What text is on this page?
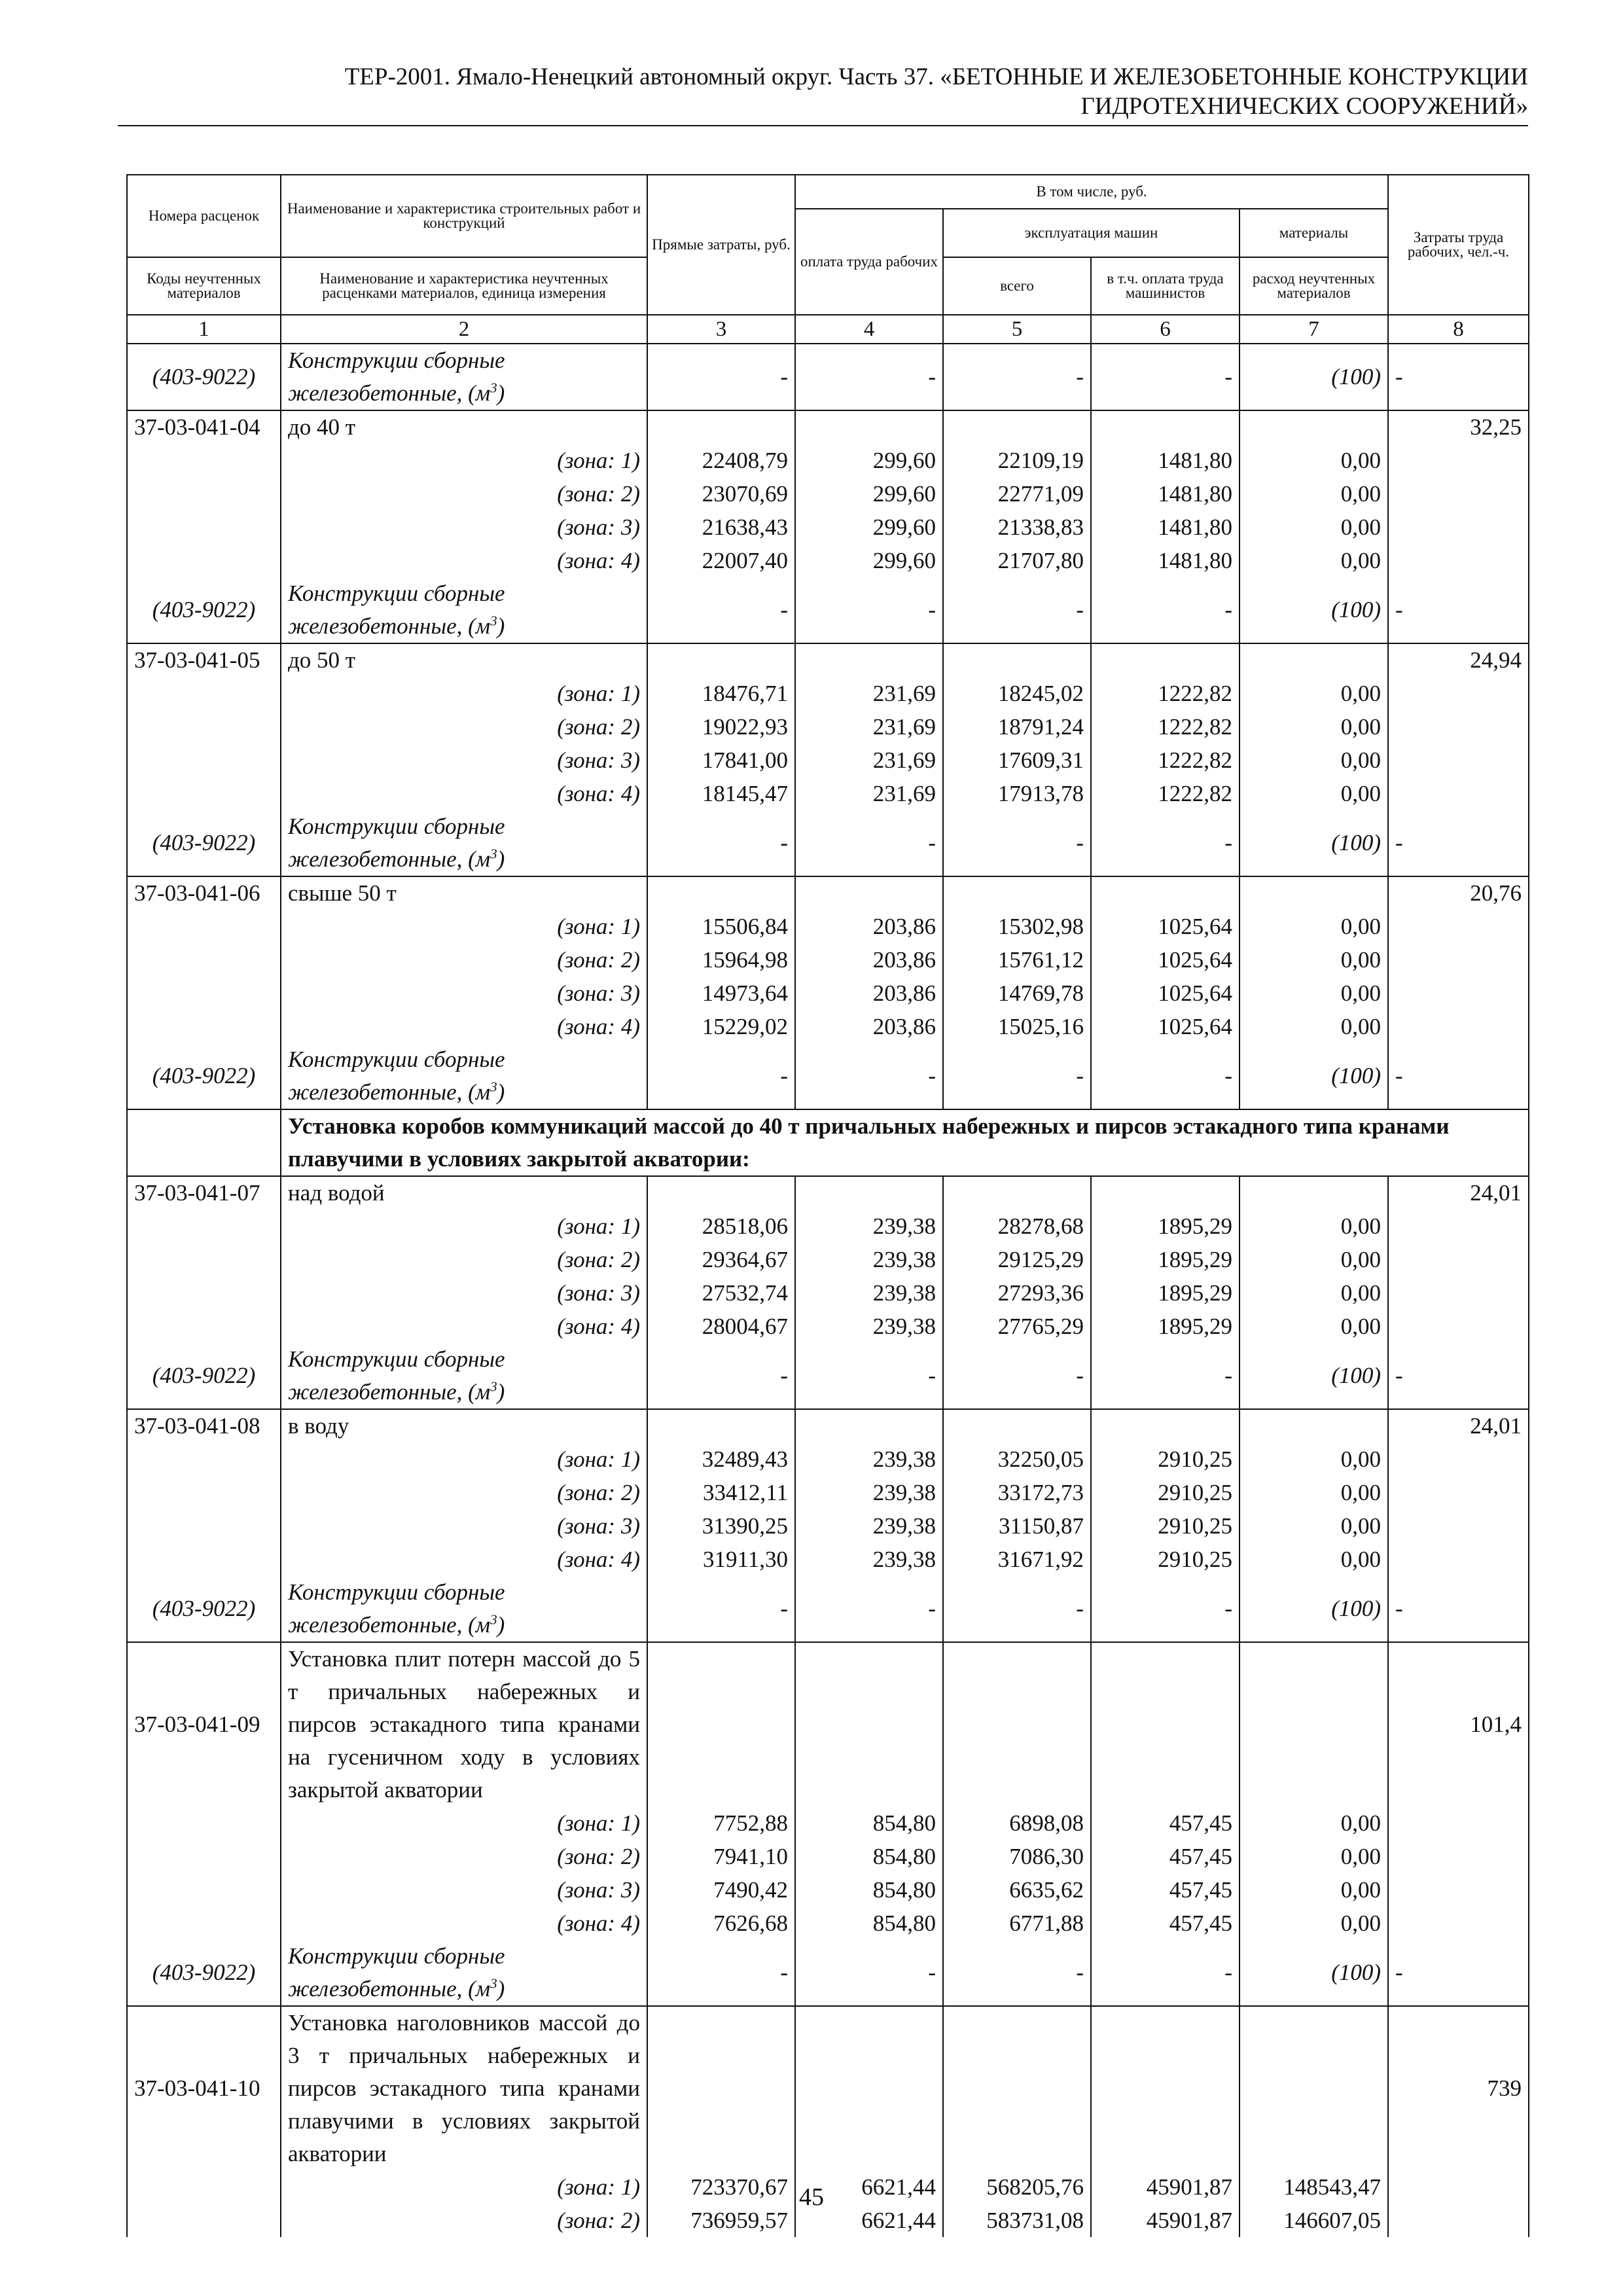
ТЕР-2001. Ямало-Ненецкий автономный округ. Часть 37. «БЕТОННЫЕ И ЖЕЛЕЗОБЕТОННЫЕ КОНСТРУКЦИИ
ГИДРОТЕХНИЧЕСКИХ СООРУЖЕНИЙ»
Номера расценок	Наименование и характеристика строительных работ и конструкций	Прямые затраты, руб.	В том числе, руб.				Затраты труда рабочих, чел.-ч.
			оплата труда рабочих	эксплуатация машин		материалы	
Коды неучтенных материалов	Наименование и характеристика неучтенных расценками материалов, единица измерения			всего	в т.ч. оплата труда машинистов	расход неучтенных материалов	
1	2	3	4	5	6	7	8
(403-9022)	Конструкции сборные железобетонные, $(м^3)$	-	-	-	-	(100)	-
37-03-041-04	до 40 т						32,25
	(зона: 1)	22408,79	299,60	22109,19	1481,80	0,00	
	(зона: 2)	23070,69	299,60	22771,09	1481,80	0,00	
	(зона: 3)	21638,43	299,60	21338,83	1481,80	0,00	
	(зона: 4)	22007,40	299,60	21707,80	1481,80	0,00	
(403-9022)	Конструкции сборные железобетонные, $(м^3)$	-	-	-	-	(100)	-
37-03-041-05	до 50 т						24,94
	(зона: 1)	18476,71	231,69	18245,02	1222,82	0,00	
	(зона: 2)	19022,93	231,69	18791,24	1222,82	0,00	
	(зона: 3)	17841,00	231,69	17609,31	1222,82	0,00	
	(зона: 4)	18145,47	231,69	17913,78	1222,82	0,00	
(403-9022)	Конструкции сборные железобетонные, $(м^3)$	-	-	-	-	(100)	-
37-03-041-06	свыше 50 т						20,76
	(зона: 1)	15506,84	203,86	15302,98	1025,64	0,00	
	(зона: 2)	15964,98	203,86	15761,12	1025,64	0,00	
	(зона: 3)	14973,64	203,86	14769,78	1025,64	0,00	
	(зона: 4)	15229,02	203,86	15025,16	1025,64	0,00	
(403-9022)	Конструкции сборные железобетонные, $(м^3)$	-	-	-	-	(100)	-
	Установка коробов коммуникаций массой до 40 т причальных набережных и пирсов эстакадного типа кранами плавучими в условиях закрытой акватории:						
37-03-041-07	над водой						24,01
	(зона: 1)	28518,06	239,38	28278,68	1895,29	0,00	
	(зона: 2)	29364,67	239,38	29125,29	1895,29	0,00	
	(зона: 3)	27532,74	239,38	27293,36	1895,29	0,00	
	(зона: 4)	28004,67	239,38	27765,29	1895,29	0,00	
(403-9022)	Конструкции сборные железобетонные, $(м^3)$	-	-	-	-	(100)	-
37-03-041-08	в воду						24,01
	(зона: 1)	32489,43	239,38	32250,05	2910,25	0,00	
	(зона: 2)	33412,11	239,38	33172,73	2910,25	0,00	
	(зона: 3)	31390,25	239,38	31150,87	2910,25	0,00	
	(зона: 4)	31911,30	239,38	31671,92	2910,25	0,00	
(403-9022)	Конструкции сборные железобетонные, $(м^3)$	-	-	-	-	(100)	-
37-03-041-09	Установка плит потерн массой до 5 т причальных набережных и пирсов эстакадного типа кранами на гусеничном ходу в условиях закрытой акватории						101,4
	(зона: 1)	7752,88	854,80	6898,08	457,45	0,00	
	(зона: 2)	7941,10	854,80	7086,30	457,45	0,00	
	(зона: 3)	7490,42	854,80	6635,62	457,45	0,00	
	(зона: 4)	7626,68	854,80	6771,88	457,45	0,00	
(403-9022)	Конструкции сборные железобетонные, $(м^3)$	-	-	-	-	(100)	-
37-03-041-10	Установка наголовников массой до 3 т причальных набережных и пирсов эстакадного типа кранами плавучими в условиях закрытой акватории						739
	(зона: 1)	723370,67	6621,44	568205,76	45901,87	148543,47	
	(зона: 2)	736959,57	6621,44	583731,08	45901,87	146607,05	
45
